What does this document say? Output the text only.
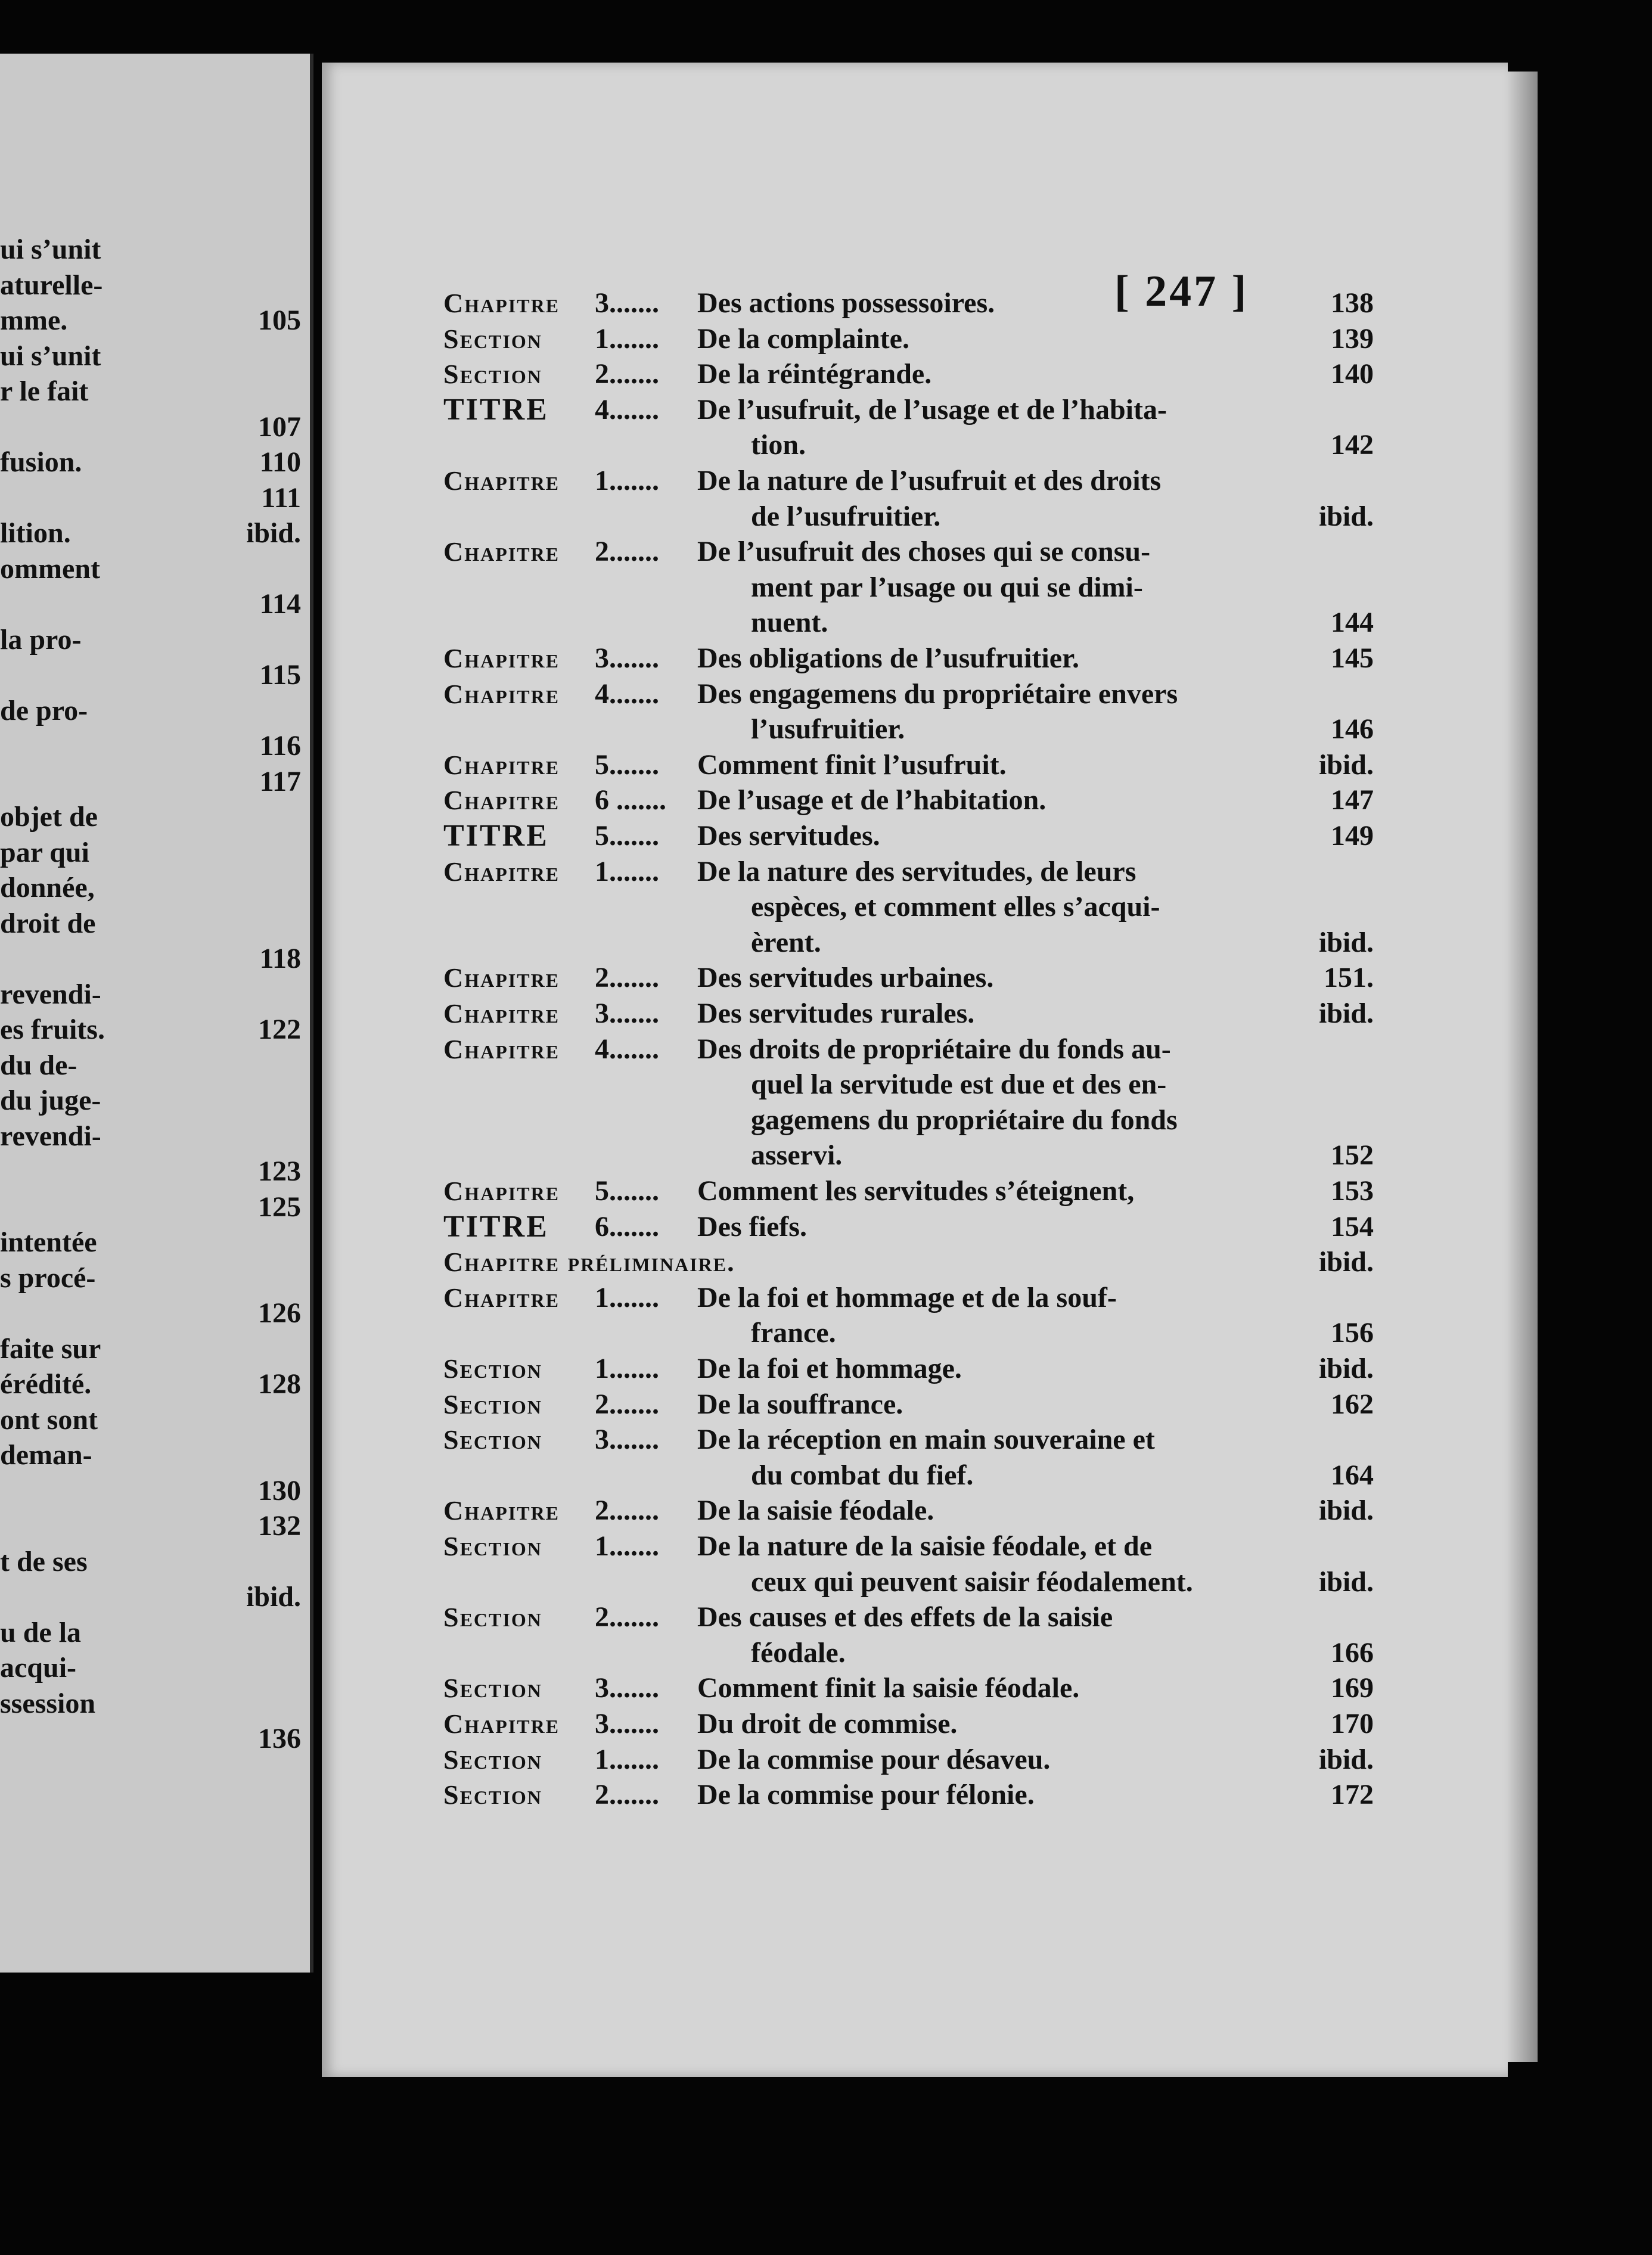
ui s’unit
aturelle-
mme.	105
ui s’unit
r le fait
107
fusion.	110
111
lition.	ibid.
omment
114
la pro-
115
de pro-
116
117
objet de
par qui
donnée,
droit de
118
revendi-
es fruits.	122
du de-
du juge-
revendi-
123
125
intentée
s procé-
126
faite sur
érédité.	128
ont sont
deman-
130
132
t de ses
ibid.
u de la
acqui-
ssession
136
[ 247 ]
Chapitre 3....... Des actions possessoires.	138
Section 1....... De la complainte.	139
Section 2....... De la réintégrande.	140
TITRE 4....... De l’usufruit, de l’usage et de l’habita-
tion.	142
Chapitre 1....... De la nature de l’usufruit et des droits
de l’usufruitier.	ibid.
Chapitre 2....... De l’usufruit des choses qui se consu-
ment par l’usage ou qui se dimi-
nuent.	144
Chapitre 3....... Des obligations de l’usufruitier.	145
Chapitre 4....... Des engagemens du propriétaire envers
l’usufruitier.	146
Chapitre 5....... Comment finit l’usufruit.	ibid.
Chapitre 6 ....... De l’usage et de l’habitation.	147
TITRE 5....... Des servitudes.	149
Chapitre 1....... De la nature des servitudes, de leurs
espèces, et comment elles s’acqui-
èrent.	ibid.
Chapitre 2....... Des servitudes urbaines.	151.
Chapitre 3....... Des servitudes rurales.	ibid.
Chapitre 4....... Des droits de propriétaire du fonds au-
quel la servitude est due et des en-
gagemens du propriétaire du fonds
asservi.	152
Chapitre 5....... Comment les servitudes s’éteignent,	153
TITRE 6....... Des fiefs.	154
Chapitre préliminaire.	ibid.
Chapitre 1....... De la foi et hommage et de la souf-
france.	156
Section 1....... De la foi et hommage.	ibid.
Section 2....... De la souffrance.	162
Section 3....... De la réception en main souveraine et
du combat du fief.	164
Chapitre 2....... De la saisie féodale.	ibid.
Section 1....... De la nature de la saisie féodale, et de
ceux qui peuvent saisir féodalement.	ibid.
Section 2....... Des causes et des effets de la saisie
féodale.	166
Section 3....... Comment finit la saisie féodale.	169
Chapitre 3....... Du droit de commise.	170
Section 1....... De la commise pour désaveu.	ibid.
Section 2....... De la commise pour félonie.	172
